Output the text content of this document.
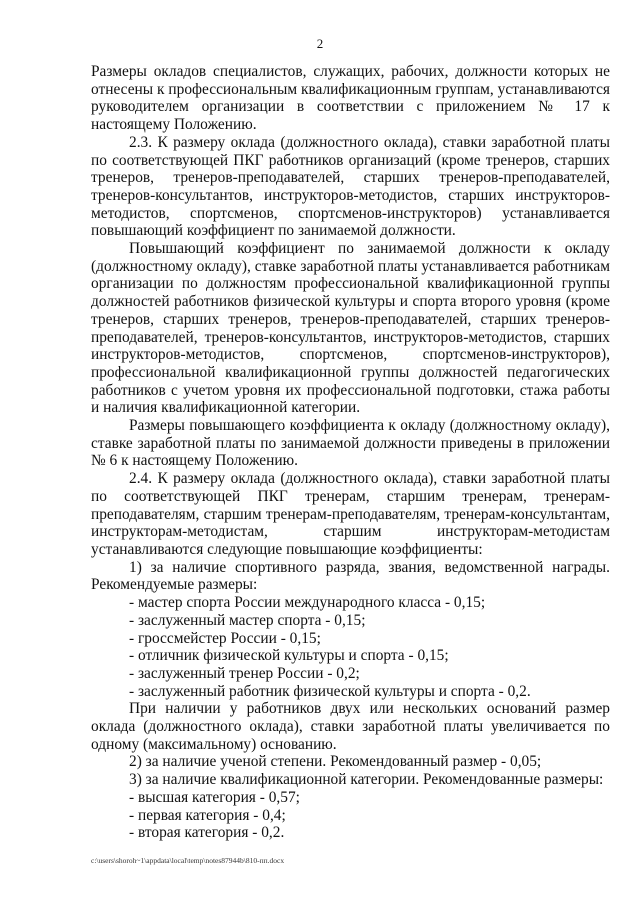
2

Размеры окладов специалистов, служащих, рабочих, должности которых не отнесены к профессиональным квалификационным группам, устанавливаются руководителем организации в соответствии с приложением № 17 к настоящему Положению.

2.3. К размеру оклада (должностного оклада), ставки заработной платы по соответствующей ПКГ работников организаций (кроме тренеров, старших тренеров, тренеров-преподавателей, старших тренеров-преподавателей, тренеров-консультантов, инструкторов-методистов, старших инструкторов-методистов, спортсменов, спортсменов-инструкторов) устанавливается повышающий коэффициент по занимаемой должности.

Повышающий коэффициент по занимаемой должности к окладу (должностному окладу), ставке заработной платы устанавливается работникам организации по должностям профессиональной квалификационной группы должностей работников физической культуры и спорта второго уровня (кроме тренеров, старших тренеров, тренеров-преподавателей, старших тренеров-преподавателей, тренеров-консультантов, инструкторов-методистов, старших инструкторов-методистов, спортсменов, спортсменов-инструкторов), профессиональной квалификационной группы должностей педагогических работников с учетом уровня их профессиональной подготовки, стажа работы и наличия квалификационной категории.

Размеры повышающего коэффициента к окладу (должностному окладу), ставке заработной платы по занимаемой должности приведены в приложении № 6 к настоящему Положению.

2.4. К размеру оклада (должностного оклада), ставки заработной платы по соответствующей ПКГ тренерам, старшим тренерам, тренерам-преподавателям, старшим тренерам-преподавателям, тренерам-консультантам, инструкторам-методистам, старшим инструкторам-методистам устанавливаются следующие повышающие коэффициенты:

1) за наличие спортивного разряда, звания, ведомственной награды. Рекомендуемые размеры:

- мастер спорта России международного класса - 0,15;

- заслуженный мастер спорта - 0,15;

- гроссмейстер России - 0,15;

- отличник физической культуры и спорта - 0,15;

- заслуженный тренер России - 0,2;

- заслуженный работник физической культуры и спорта - 0,2.

При наличии у работников двух или нескольких оснований размер оклада (должностного оклада), ставки заработной платы увеличивается по одному (максимальному) основанию.

2) за наличие ученой степени. Рекомендованный размер - 0,05;

3) за наличие квалификационной категории. Рекомендованные размеры:

- высшая категория - 0,57;

- первая категория - 0,4;

- вторая категория - 0,2.

c:\users\shoroh~1\appdata\local\temp\notes87944b\810-пп.docx
